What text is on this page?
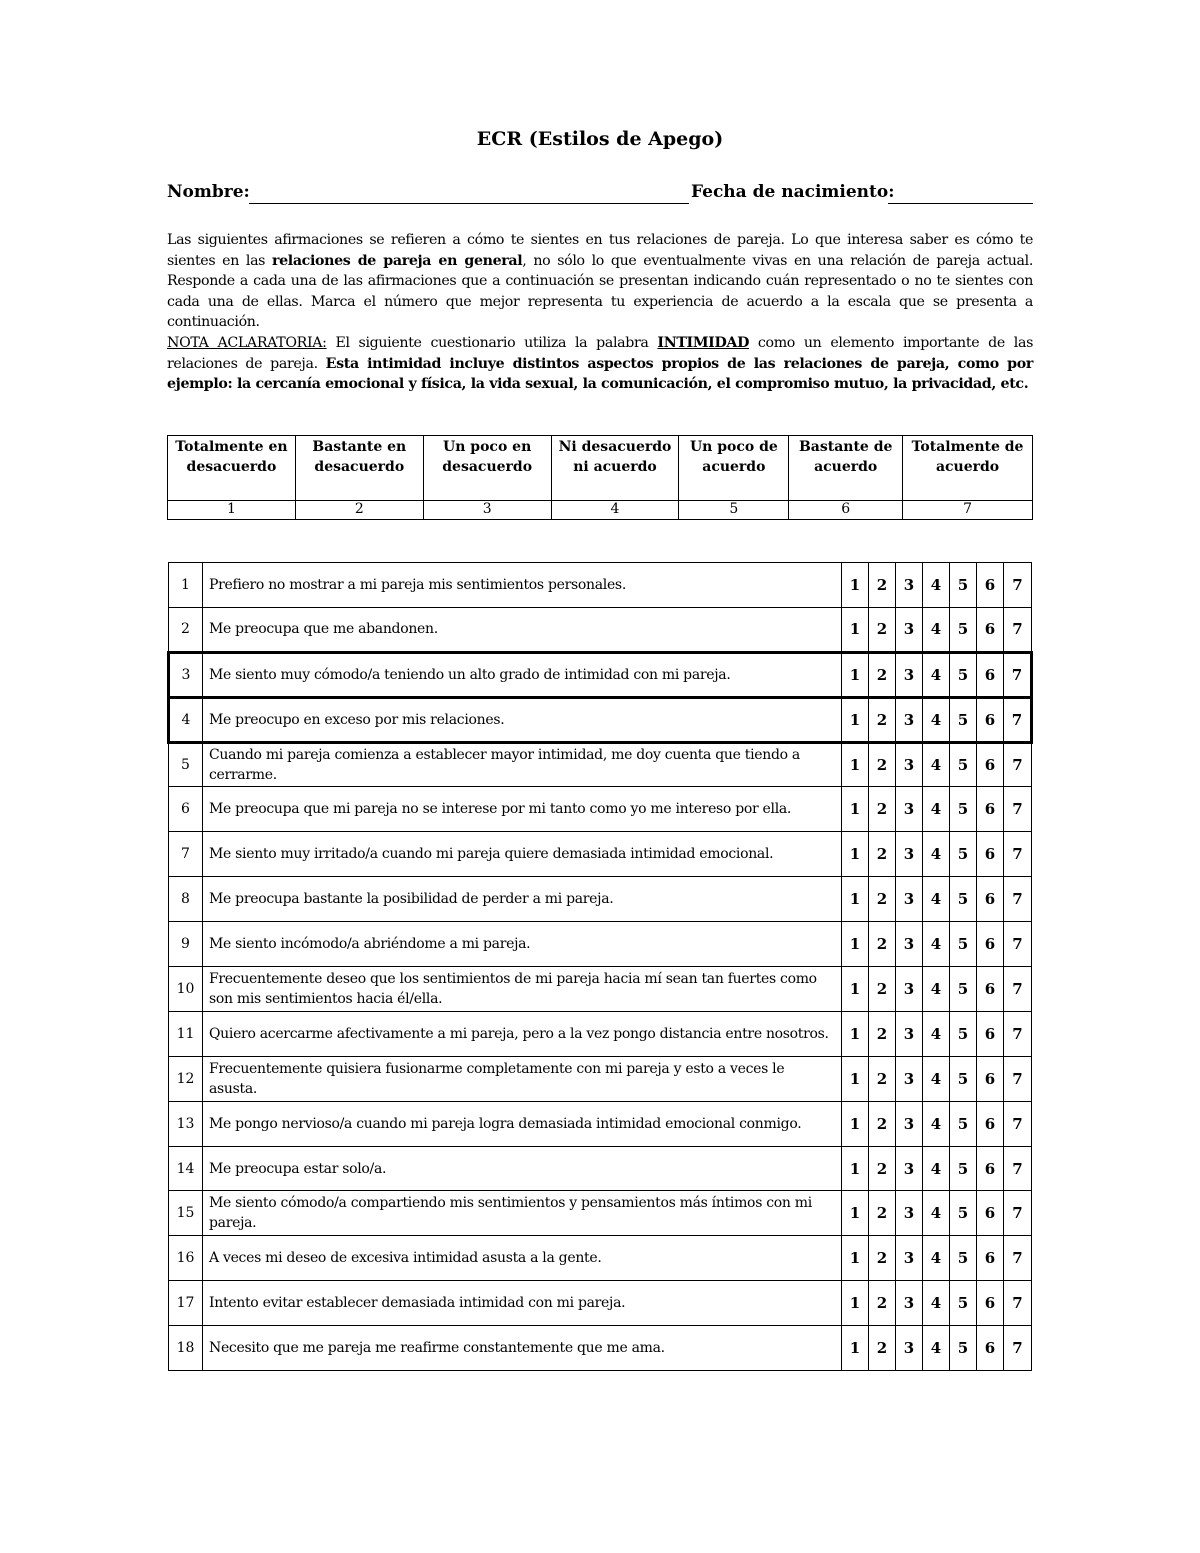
ECR (Estilos de Apego)
Nombre:	Fecha de nacimiento:

Las siguientes afirmaciones se refieren a cómo te sientes en tus relaciones de pareja. Lo que interesa saber es cómo te sientes en las relaciones de pareja en general, no sólo lo que eventualmente vivas en una relación de pareja actual. Responde a cada una de las afirmaciones que a continuación se presentan indicando cuán representado o no te sientes con cada una de ellas. Marca el número que mejor representa tu experiencia de acuerdo a la escala que se presenta a continuación.

NOTA ACLARATORIA: El siguiente cuestionario utiliza la palabra INTIMIDAD como un elemento importante de las relaciones de pareja. Esta intimidad incluye distintos aspectos propios de las relaciones de pareja, como por ejemplo: la cercanía emocional y física, la vida sexual, la comunicación, el compromiso mutuo, la privacidad, etc.

Totalmente en desacuerdo	Bastante en desacuerdo	Un poco en desacuerdo	Ni desacuerdo ni acuerdo	Un poco de acuerdo	Bastante de acuerdo	Totalmente de acuerdo
1	2	3	4	5	6	7
1	Prefiero no mostrar a mi pareja mis sentimientos personales.	1	2	3	4	5	6	7
2	Me preocupa que me abandonen.	1	2	3	4	5	6	7
3	Me siento muy cómodo/a teniendo un alto grado de intimidad con mi pareja.	1	2	3	4	5	6	7
4	Me preocupo en exceso por mis relaciones.	1	2	3	4	5	6	7
5	Cuando mi pareja comienza a establecer mayor intimidad, me doy cuenta que tiendo a cerrarme.	1	2	3	4	5	6	7
6	Me preocupa que mi pareja no se interese por mi tanto como yo me intereso por ella.	1	2	3	4	5	6	7
7	Me siento muy irritado/a cuando mi pareja quiere demasiada intimidad emocional.	1	2	3	4	5	6	7
8	Me preocupa bastante la posibilidad de perder a mi pareja.	1	2	3	4	5	6	7
9	Me siento incómodo/a abriéndome a mi pareja.	1	2	3	4	5	6	7
10	Frecuentemente deseo que los sentimientos de mi pareja hacia mí sean tan fuertes como son mis sentimientos hacia él/ella.	1	2	3	4	5	6	7
11	Quiero acercarme afectivamente a mi pareja, pero a la vez pongo distancia entre nosotros.	1	2	3	4	5	6	7
12	Frecuentemente quisiera fusionarme completamente con mi pareja y esto a veces le asusta.	1	2	3	4	5	6	7
13	Me pongo nervioso/a cuando mi pareja logra demasiada intimidad emocional conmigo.	1	2	3	4	5	6	7
14	Me preocupa estar solo/a.	1	2	3	4	5	6	7
15	Me siento cómodo/a compartiendo mis sentimientos y pensamientos más íntimos con mi pareja.	1	2	3	4	5	6	7
16	A veces mi deseo de excesiva intimidad asusta a la gente.	1	2	3	4	5	6	7
17	Intento evitar establecer demasiada intimidad con mi pareja.	1	2	3	4	5	6	7
18	Necesito que me pareja me reafirme constantemente que me ama.	1	2	3	4	5	6	7
